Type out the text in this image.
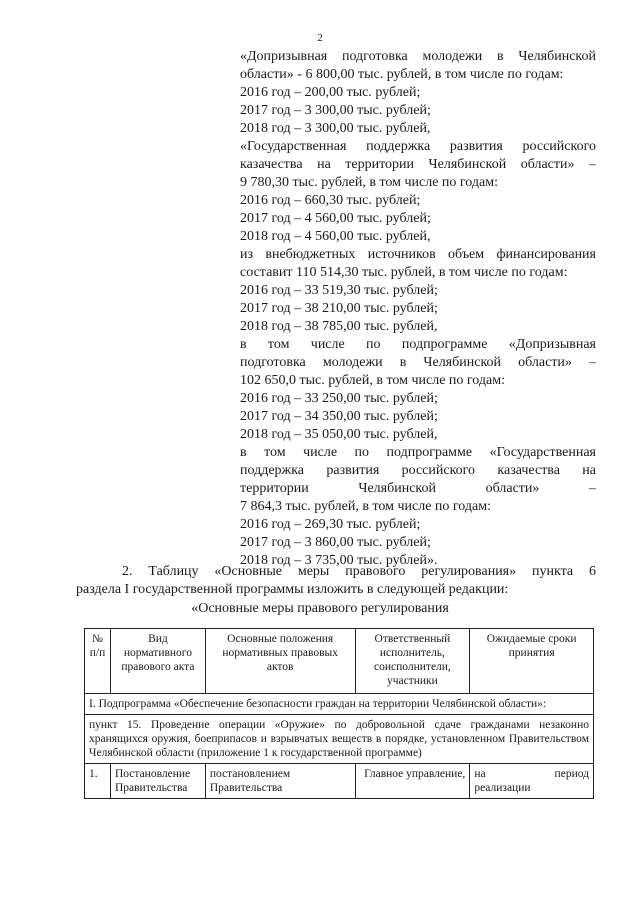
2
«Допризывная подготовка молодежи в Челябинской
области» - 6 800,00 тыс. рублей, в том числе по годам:
2016 год – 200,00 тыс. рублей;
2017 год – 3 300,00 тыс. рублей;
2018 год – 3 300,00 тыс. рублей,
«Государственная поддержка развития российского
казачества на территории Челябинской области» –
9 780,30 тыс. рублей, в том числе по годам:
2016 год – 660,30 тыс. рублей;
2017 год – 4 560,00 тыс. рублей;
2018 год – 4 560,00 тыс. рублей,
из внебюджетных источников объем финансирования
составит 110 514,30 тыс. рублей, в том числе по годам:
2016 год – 33 519,30 тыс. рублей;
2017 год – 38 210,00 тыс. рублей;
2018 год – 38 785,00 тыс. рублей,
в том числе по подпрограмме «Допризывная
подготовка молодежи в Челябинской области» –
102 650,0 тыс. рублей, в том числе по годам:
2016 год – 33 250,00 тыс. рублей;
2017 год – 34 350,00 тыс. рублей;
2018 год – 35 050,00 тыс. рублей,
в том числе по подпрограмме «Государственная
поддержка развития российского казачества на
территории Челябинской области» –
7 864,3 тыс. рублей, в том числе по годам:
2016 год – 269,30 тыс. рублей;
2017 год – 3 860,00 тыс. рублей;
2018 год – 3 735,00 тыс. рублей».
2. Таблицу «Основные меры правового регулирования» пункта 6
раздела I государственной программы изложить в следующей редакции:
«Основные меры правового регулирования
№ п/п	Вид нормативного правового акта	Основные положения нормативных правовых актов	Ответственный исполнитель, соисполнители, участники	Ожидаемые сроки принятия
I. Подпрограмма «Обеспечение безопасности граждан на территории Челябинской области»:				
пункт 15. Проведение операции «Оружие» по добровольной сдаче гражданами незаконно хранящихся оружия, боеприпасов и взрывчатых веществ в порядке, установленном Правительством Челябинской области (приложение 1 к государственной программе)				
1.	Постановление Правительства	постановлением Правительства	Главное управление,	на период
реализации
